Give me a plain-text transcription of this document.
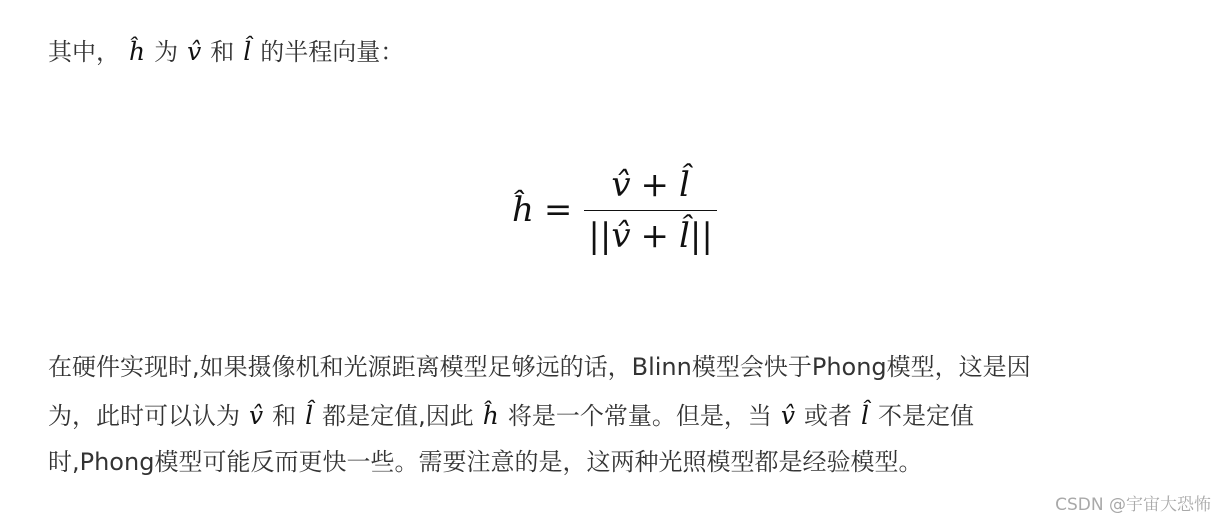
其中， ĥ 为 v̂ 和 l̂ 的半程向量：
ĥ = $\frac{v̂ + l̂}{|| v̂ + l̂ ||}$
在硬件实现时,如果摄像机和光源距离模型足够远的话，Blinn模型会快于Phong模型，这是因
为，此时可以认为 v̂ 和 l̂ 都是定值,因此 ĥ 将是一个常量。但是，当 v̂ 或者 l̂ 不是定值
时,Phong模型可能反而更快一些。需要注意的是，这两种光照模型都是经验模型。
CSDN @宇宙大恐怖
